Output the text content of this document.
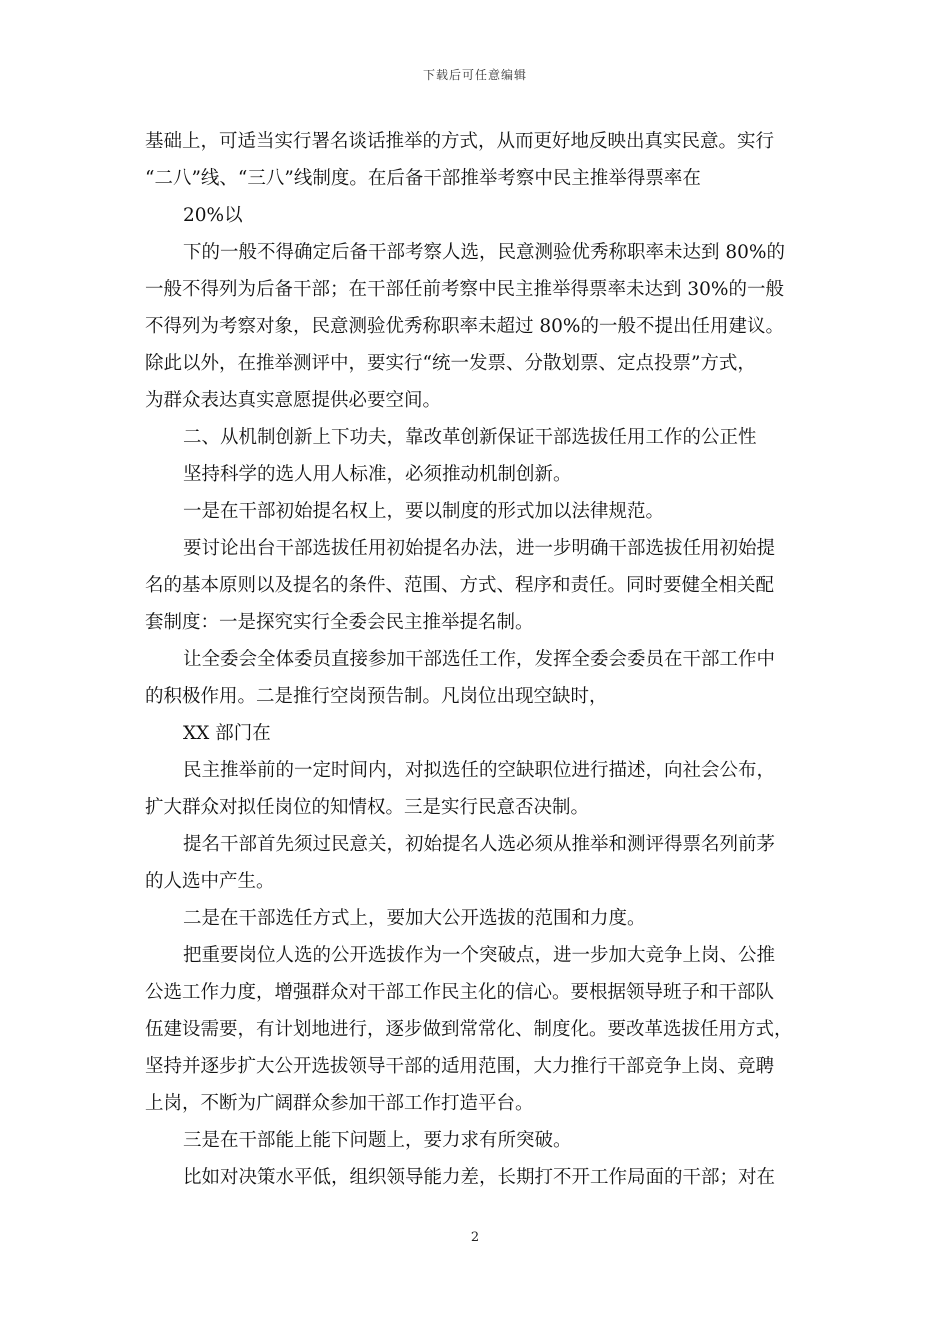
下载后可任意编辑
基础上，可适当实行署名谈话推举的方式，从而更好地反映出真实民意。实行
“二八”线、“三八”线制度。在后备干部推举考察中民主推举得票率在
20%以
下的一般不得确定后备干部考察人选，民意测验优秀称职率未达到 80%的
一般不得列为后备干部；在干部任前考察中民主推举得票率未达到 30%的一般
不得列为考察对象，民意测验优秀称职率未超过 80%的一般不提出任用建议。
除此以外，在推举测评中，要实行“统一发票、分散划票、定点投票”方式，
为群众表达真实意愿提供必要空间。
二、从机制创新上下功夫，靠改革创新保证干部选拔任用工作的公正性
坚持科学的选人用人标准，必须推动机制创新。
一是在干部初始提名权上，要以制度的形式加以法律规范。
要讨论出台干部选拔任用初始提名办法，进一步明确干部选拔任用初始提
名的基本原则以及提名的条件、范围、方式、程序和责任。同时要健全相关配
套制度：一是探究实行全委会民主推举提名制。
让全委会全体委员直接参加干部选任工作，发挥全委会委员在干部工作中
的积极作用。二是推行空岗预告制。凡岗位出现空缺时，
XX 部门在
民主推举前的一定时间内，对拟选任的空缺职位进行描述，向社会公布，
扩大群众对拟任岗位的知情权。三是实行民意否决制。
提名干部首先须过民意关，初始提名人选必须从推举和测评得票名列前茅
的人选中产生。
二是在干部选任方式上，要加大公开选拔的范围和力度。
把重要岗位人选的公开选拔作为一个突破点，进一步加大竞争上岗、公推
公选工作力度，增强群众对干部工作民主化的信心。要根据领导班子和干部队
伍建设需要，有计划地进行，逐步做到常常化、制度化。要改革选拔任用方式，
坚持并逐步扩大公开选拔领导干部的适用范围，大力推行干部竞争上岗、竞聘
上岗，不断为广阔群众参加干部工作打造平台。
三是在干部能上能下问题上，要力求有所突破。
比如对决策水平低，组织领导能力差，长期打不开工作局面的干部；对在
2
